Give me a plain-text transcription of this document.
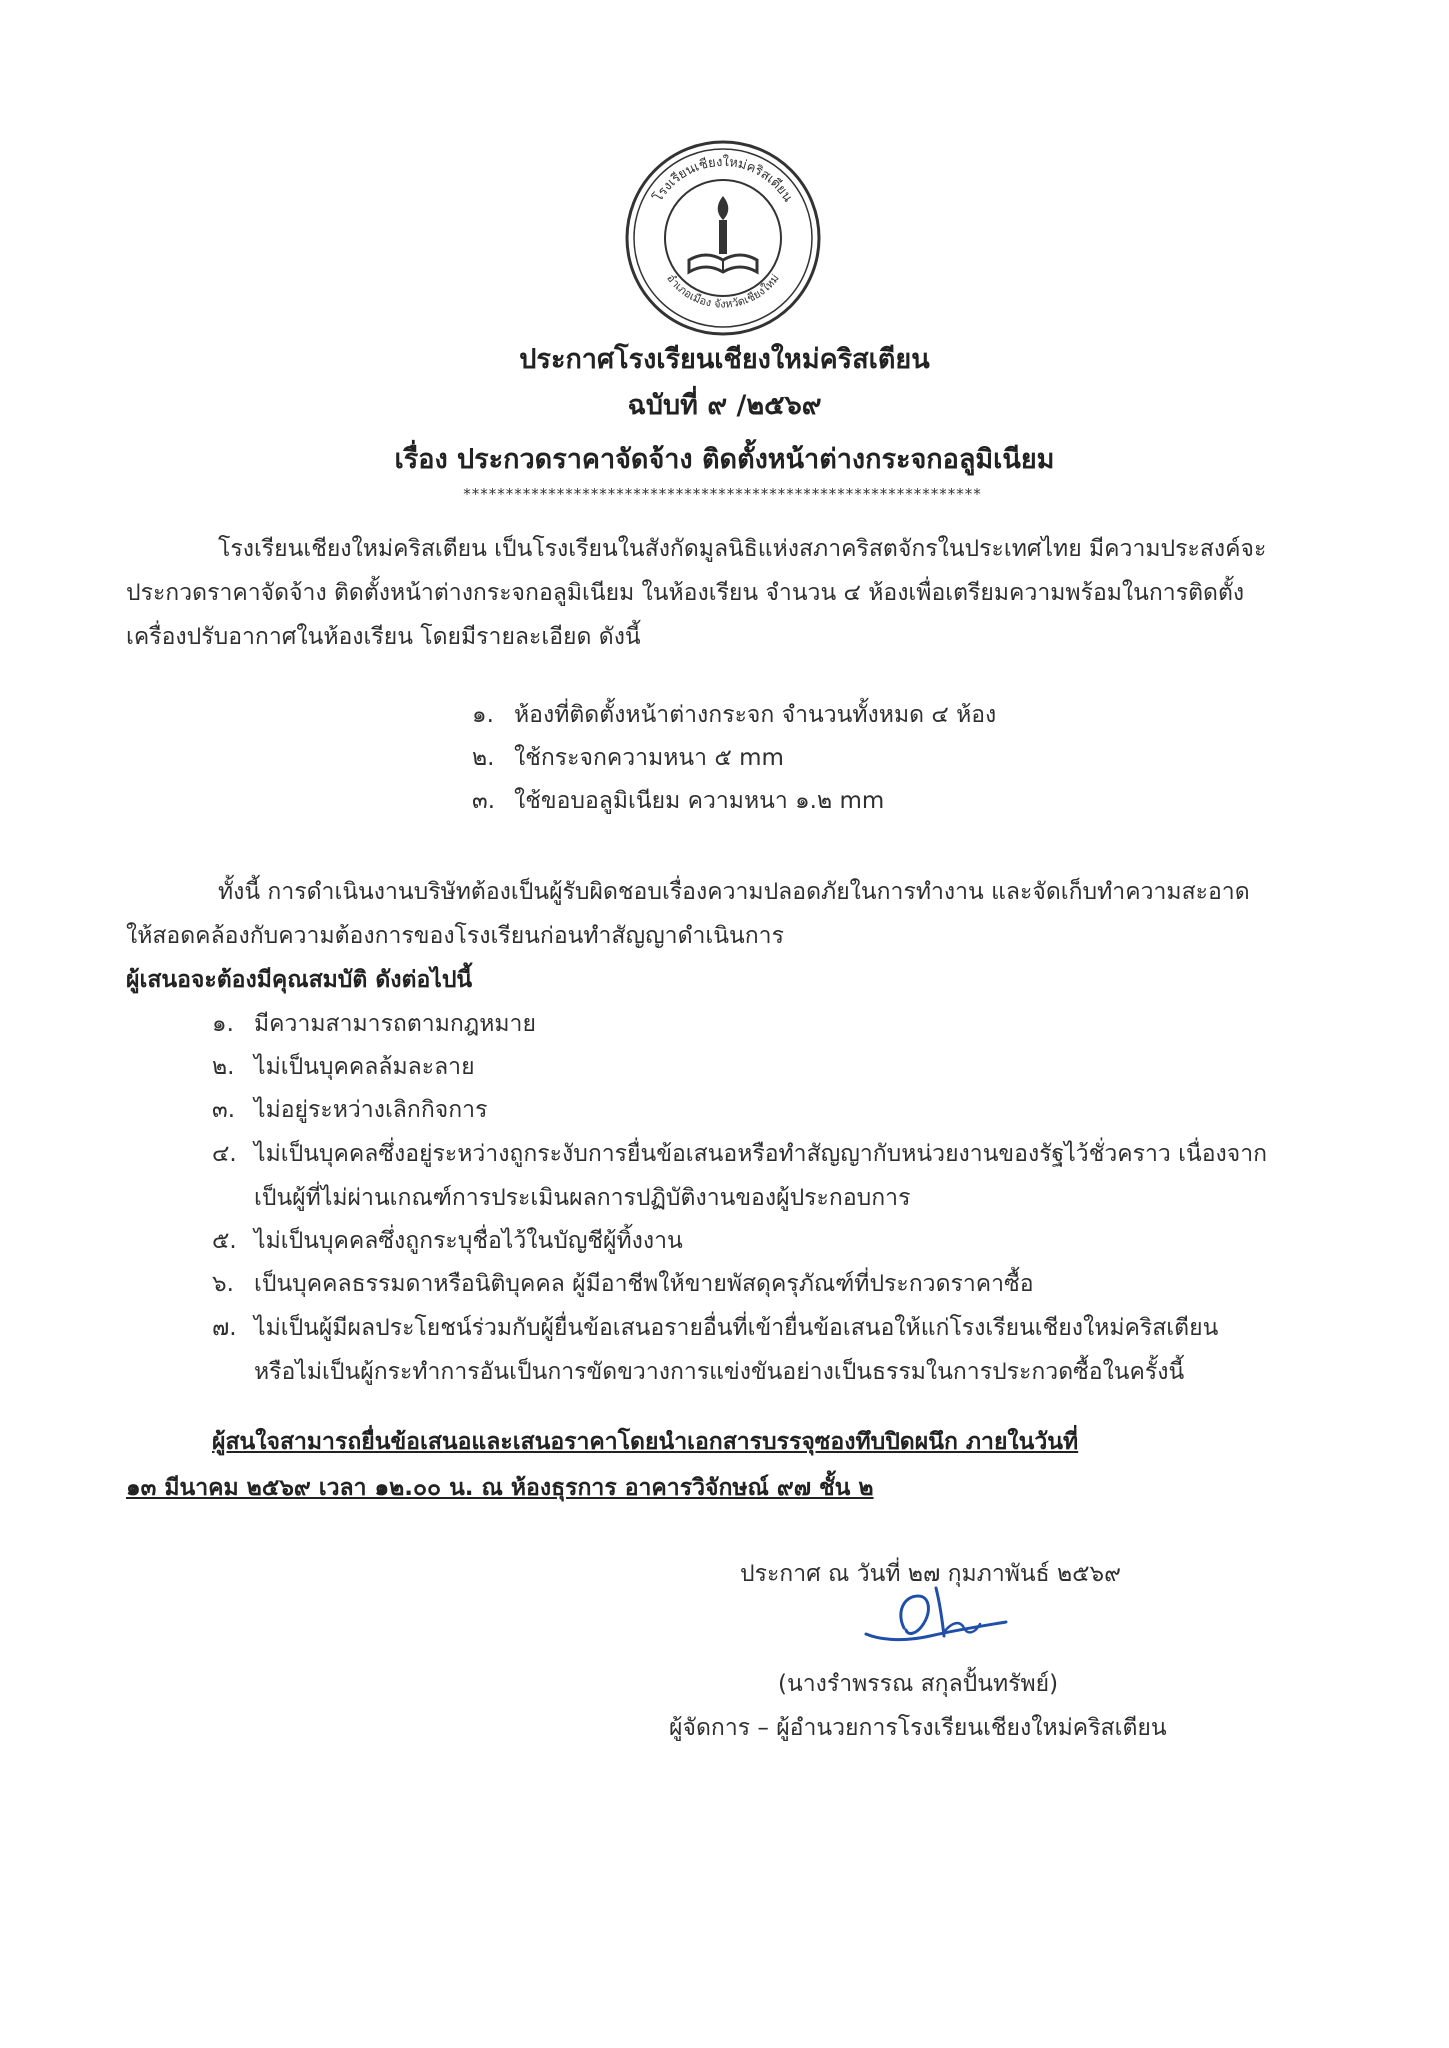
โรงเรียนเชียงใหม่คริสเตียน
อำเภอเมือง จังหวัดเชียงใหม่
ประกาศโรงเรียนเชียงใหม่คริสเตียน
ฉบับที่ ๙ /๒๕๖๙
เรื่อง ประกวดราคาจัดจ้าง ติดตั้งหน้าต่างกระจกอลูมิเนียม
*************************************************************
โรงเรียนเชียงใหม่คริสเตียน เป็นโรงเรียนในสังกัดมูลนิธิแห่งสภาคริสตจักรในประเทศไทย มีความประสงค์จะ
ประกวดราคาจัดจ้าง ติดตั้งหน้าต่างกระจกอลูมิเนียม ในห้องเรียน จำนวน ๔ ห้องเพื่อเตรียมความพร้อมในการติดตั้ง
เครื่องปรับอากาศในห้องเรียน โดยมีรายละเอียด ดังนี้
๑. ห้องที่ติดตั้งหน้าต่างกระจก จำนวนทั้งหมด ๔ ห้อง
๒. ใช้กระจกความหนา ๕ mm
๓. ใช้ขอบอลูมิเนียม ความหนา ๑.๒ mm
ทั้งนี้ การดำเนินงานบริษัทต้องเป็นผู้รับผิดชอบเรื่องความปลอดภัยในการทำงาน และจัดเก็บทำความสะอาด
ให้สอดคล้องกับความต้องการของโรงเรียนก่อนทำสัญญาดำเนินการ
ผู้เสนอจะต้องมีคุณสมบัติ ดังต่อไปนี้
๑. มีความสามารถตามกฎหมาย
๒. ไม่เป็นบุคคลล้มละลาย
๓. ไม่อยู่ระหว่างเลิกกิจการ
๔. ไม่เป็นบุคคลซึ่งอยู่ระหว่างถูกระงับการยื่นข้อเสนอหรือทำสัญญากับหน่วยงานของรัฐไว้ชั่วคราว เนื่องจาก
เป็นผู้ที่ไม่ผ่านเกณฑ์การประเมินผลการปฏิบัติงานของผู้ประกอบการ
๕. ไม่เป็นบุคคลซึ่งถูกระบุชื่อไว้ในบัญชีผู้ทิ้งงาน
๖. เป็นบุคคลธรรมดาหรือนิติบุคคล ผู้มีอาชีพให้ขายพัสดุครุภัณฑ์ที่ประกวดราคาซื้อ
๗. ไม่เป็นผู้มีผลประโยชน์ร่วมกับผู้ยื่นข้อเสนอรายอื่นที่เข้ายื่นข้อเสนอให้แก่โรงเรียนเชียงใหม่คริสเตียน
หรือไม่เป็นผู้กระทำการอันเป็นการขัดขวางการแข่งขันอย่างเป็นธรรมในการประกวดซื้อในครั้งนี้
ผู้สนใจสามารถยื่นข้อเสนอและเสนอราคาโดยนำเอกสารบรรจุซองทึบปิดผนึก ภายในวันที่
๑๓ มีนาคม ๒๕๖๙ เวลา ๑๒.๐๐ น. ณ ห้องธุรการ อาคารวิจักษณ์ ๙๗ ชั้น ๒
ประกาศ ณ วันที่ ๒๗ กุมภาพันธ์ ๒๕๖๙
(นางรำพรรณ สกุลปั้นทรัพย์)
ผู้จัดการ – ผู้อำนวยการโรงเรียนเชียงใหม่คริสเตียน
